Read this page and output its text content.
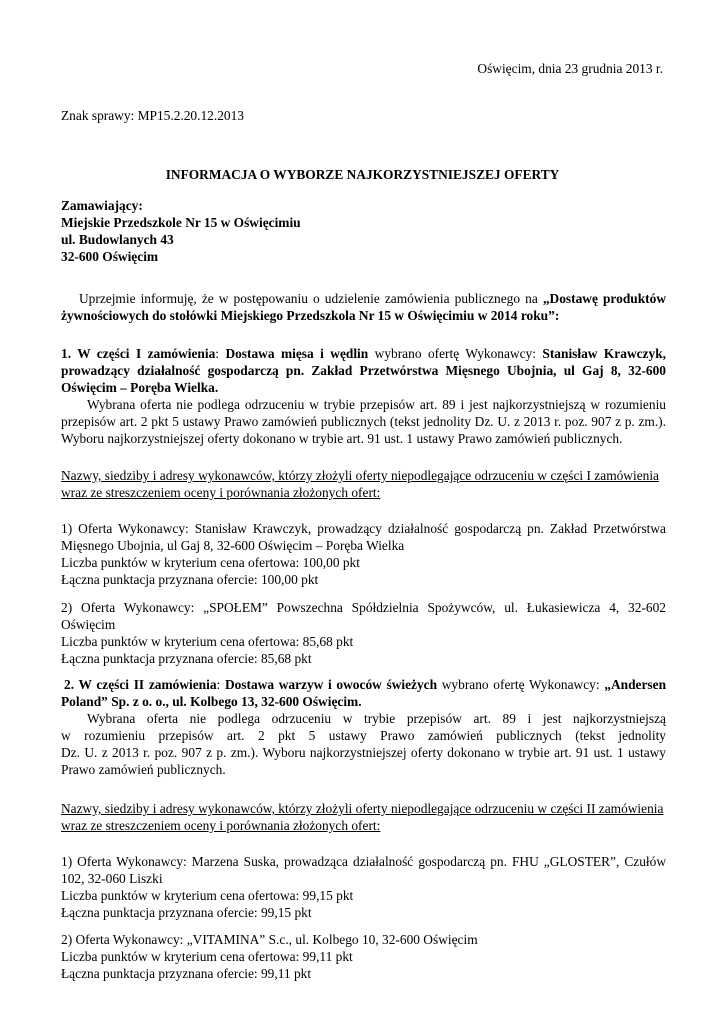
Oświęcim, dnia 23 grudnia 2013 r.
Znak sprawy: MP15.2.20.12.2013
INFORMACJA O WYBORZE NAJKORZYSTNIEJSZEJ OFERTY
Zamawiający:
Miejskie Przedszkole Nr 15 w Oświęcimiu
ul. Budowlanych 43
32-600 Oświęcim
Uprzejmie informuję, że w postępowaniu o udzielenie zamówienia publicznego na „Dostawę produktów
żywnościowych do stołówki Miejskiego Przedszkola Nr 15 w Oświęcimiu w 2014 roku”:
1. W części I zamówienia: Dostawa mięsa i wędlin wybrano ofertę Wykonawcy: Stanisław Krawczyk,
prowadzący działalność gospodarczą pn. Zakład Przetwórstwa Mięsnego Ubojnia, ul Gaj 8, 32-600
Oświęcim – Poręba Wielka.
Wybrana oferta nie podlega odrzuceniu w trybie przepisów art. 89 i jest najkorzystniejszą w rozumieniu
przepisów art. 2 pkt 5 ustawy Prawo zamówień publicznych (tekst jednolity Dz. U. z 2013 r. poz. 907 z p. zm.).
Wyboru najkorzystniejszej oferty dokonano w trybie art. 91 ust. 1 ustawy Prawo zamówień publicznych.
Nazwy, siedziby i adresy wykonawców, którzy złożyli oferty niepodlegające odrzuceniu w części I zamówienia
wraz ze streszczeniem oceny i porównania złożonych ofert:
1) Oferta Wykonawcy: Stanisław Krawczyk, prowadzący działalność gospodarczą pn. Zakład Przetwórstwa
Mięsnego Ubojnia, ul Gaj 8, 32-600 Oświęcim – Poręba Wielka
Liczba punktów w kryterium cena ofertowa: 100,00 pkt
Łączna punktacja przyznana ofercie: 100,00 pkt
2) Oferta Wykonawcy: „SPOŁEM” Powszechna Spółdzielnia Spożywców, ul. Łukasiewicza 4, 32-602
Oświęcim
Liczba punktów w kryterium cena ofertowa: 85,68 pkt
Łączna punktacja przyznana ofercie: 85,68 pkt
2. W części II zamówienia: Dostawa warzyw i owoców świeżych wybrano ofertę Wykonawcy: „Andersen
Poland” Sp. z o. o., ul. Kolbego 13, 32-600 Oświęcim.
Wybrana oferta nie podlega odrzuceniu w trybie przepisów art. 89 i jest najkorzystniejszą
w rozumieniu przepisów art. 2 pkt 5 ustawy Prawo zamówień publicznych (tekst jednolity
Dz. U. z 2013 r. poz. 907 z p. zm.). Wyboru najkorzystniejszej oferty dokonano w trybie art. 91 ust. 1 ustawy
Prawo zamówień publicznych.
Nazwy, siedziby i adresy wykonawców, którzy złożyli oferty niepodlegające odrzuceniu w części II zamówienia
wraz ze streszczeniem oceny i porównania złożonych ofert:
1) Oferta Wykonawcy: Marzena Suska, prowadząca działalność gospodarczą pn. FHU „GLOSTER”, Czułów
102, 32-060 Liszki
Liczba punktów w kryterium cena ofertowa: 99,15 pkt
Łączna punktacja przyznana ofercie: 99,15 pkt
2) Oferta Wykonawcy: „VITAMINA” S.c., ul. Kolbego 10, 32-600 Oświęcim
Liczba punktów w kryterium cena ofertowa: 99,11 pkt
Łączna punktacja przyznana ofercie: 99,11 pkt
